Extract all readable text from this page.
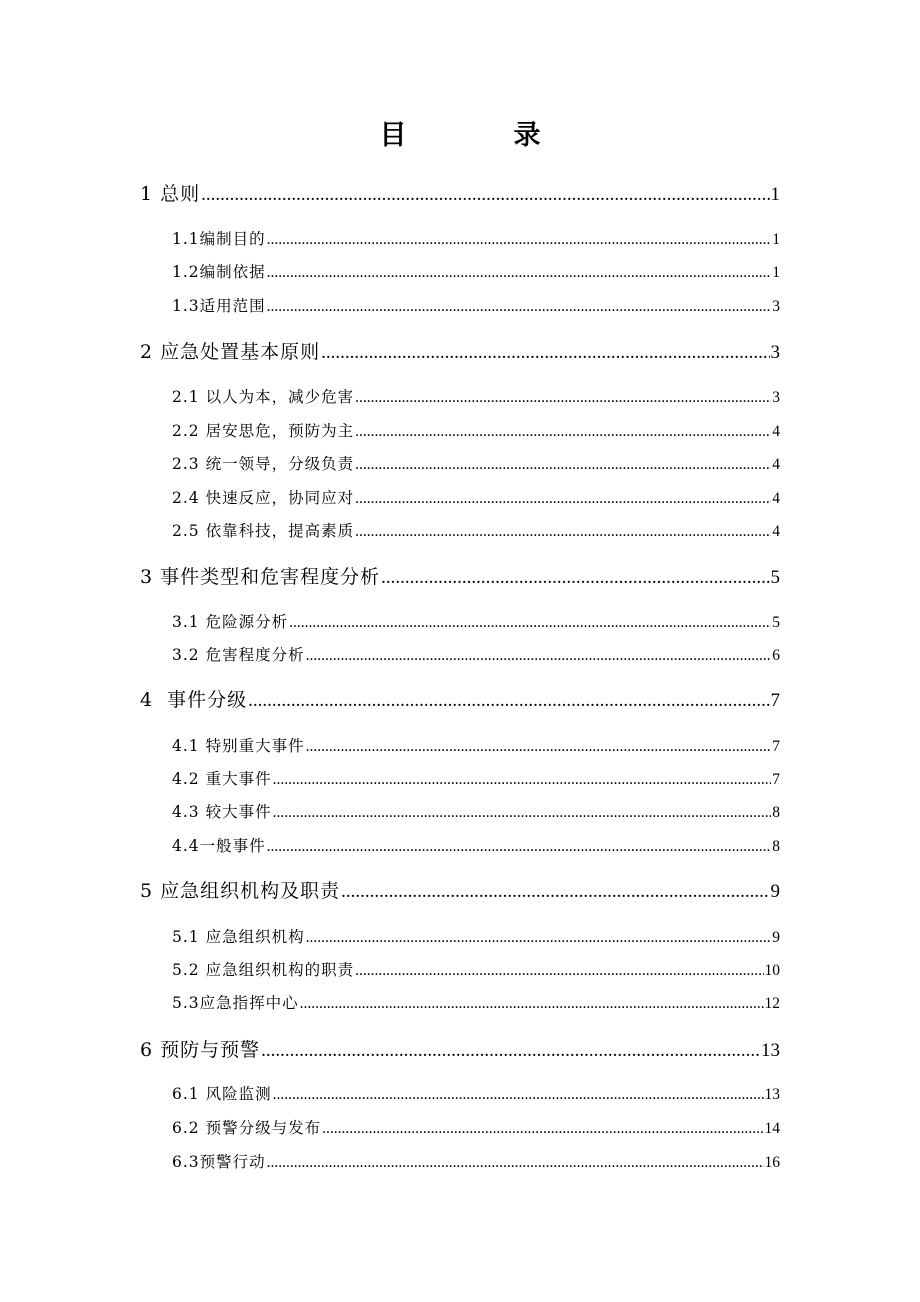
目　录
1 总则 .....	1
1.1编制目的 .....	1
1.2编制依据 .....	1
1.3适用范围 .....	3
2 应急处置基本原则 .....	3
2.1 以人为本，减少危害 .....	3
2.2 居安思危，预防为主 .....	4
2.3 统一领导，分级负责 .....	4
2.4 快速反应，协同应对 .....	4
2.5 依靠科技，提高素质 .....	4
3 事件类型和危害程度分析 .....	5
3.1 危险源分析 .....	5
3.2 危害程度分析 .....	6
4  事件分级 .....	7
4.1 特别重大事件 .....	7
4.2 重大事件 .....	7
4.3 较大事件 .....	8
4.4一般事件 .....	8
5 应急组织机构及职责 .....	9
5.1 应急组织机构 .....	9
5.2 应急组织机构的职责 .....	10
5.3应急指挥中心 .....	12
6 预防与预警 .....	13
6.1 风险监测 .....	13
6.2 预警分级与发布 .....	14
6.3预警行动 .....	16
